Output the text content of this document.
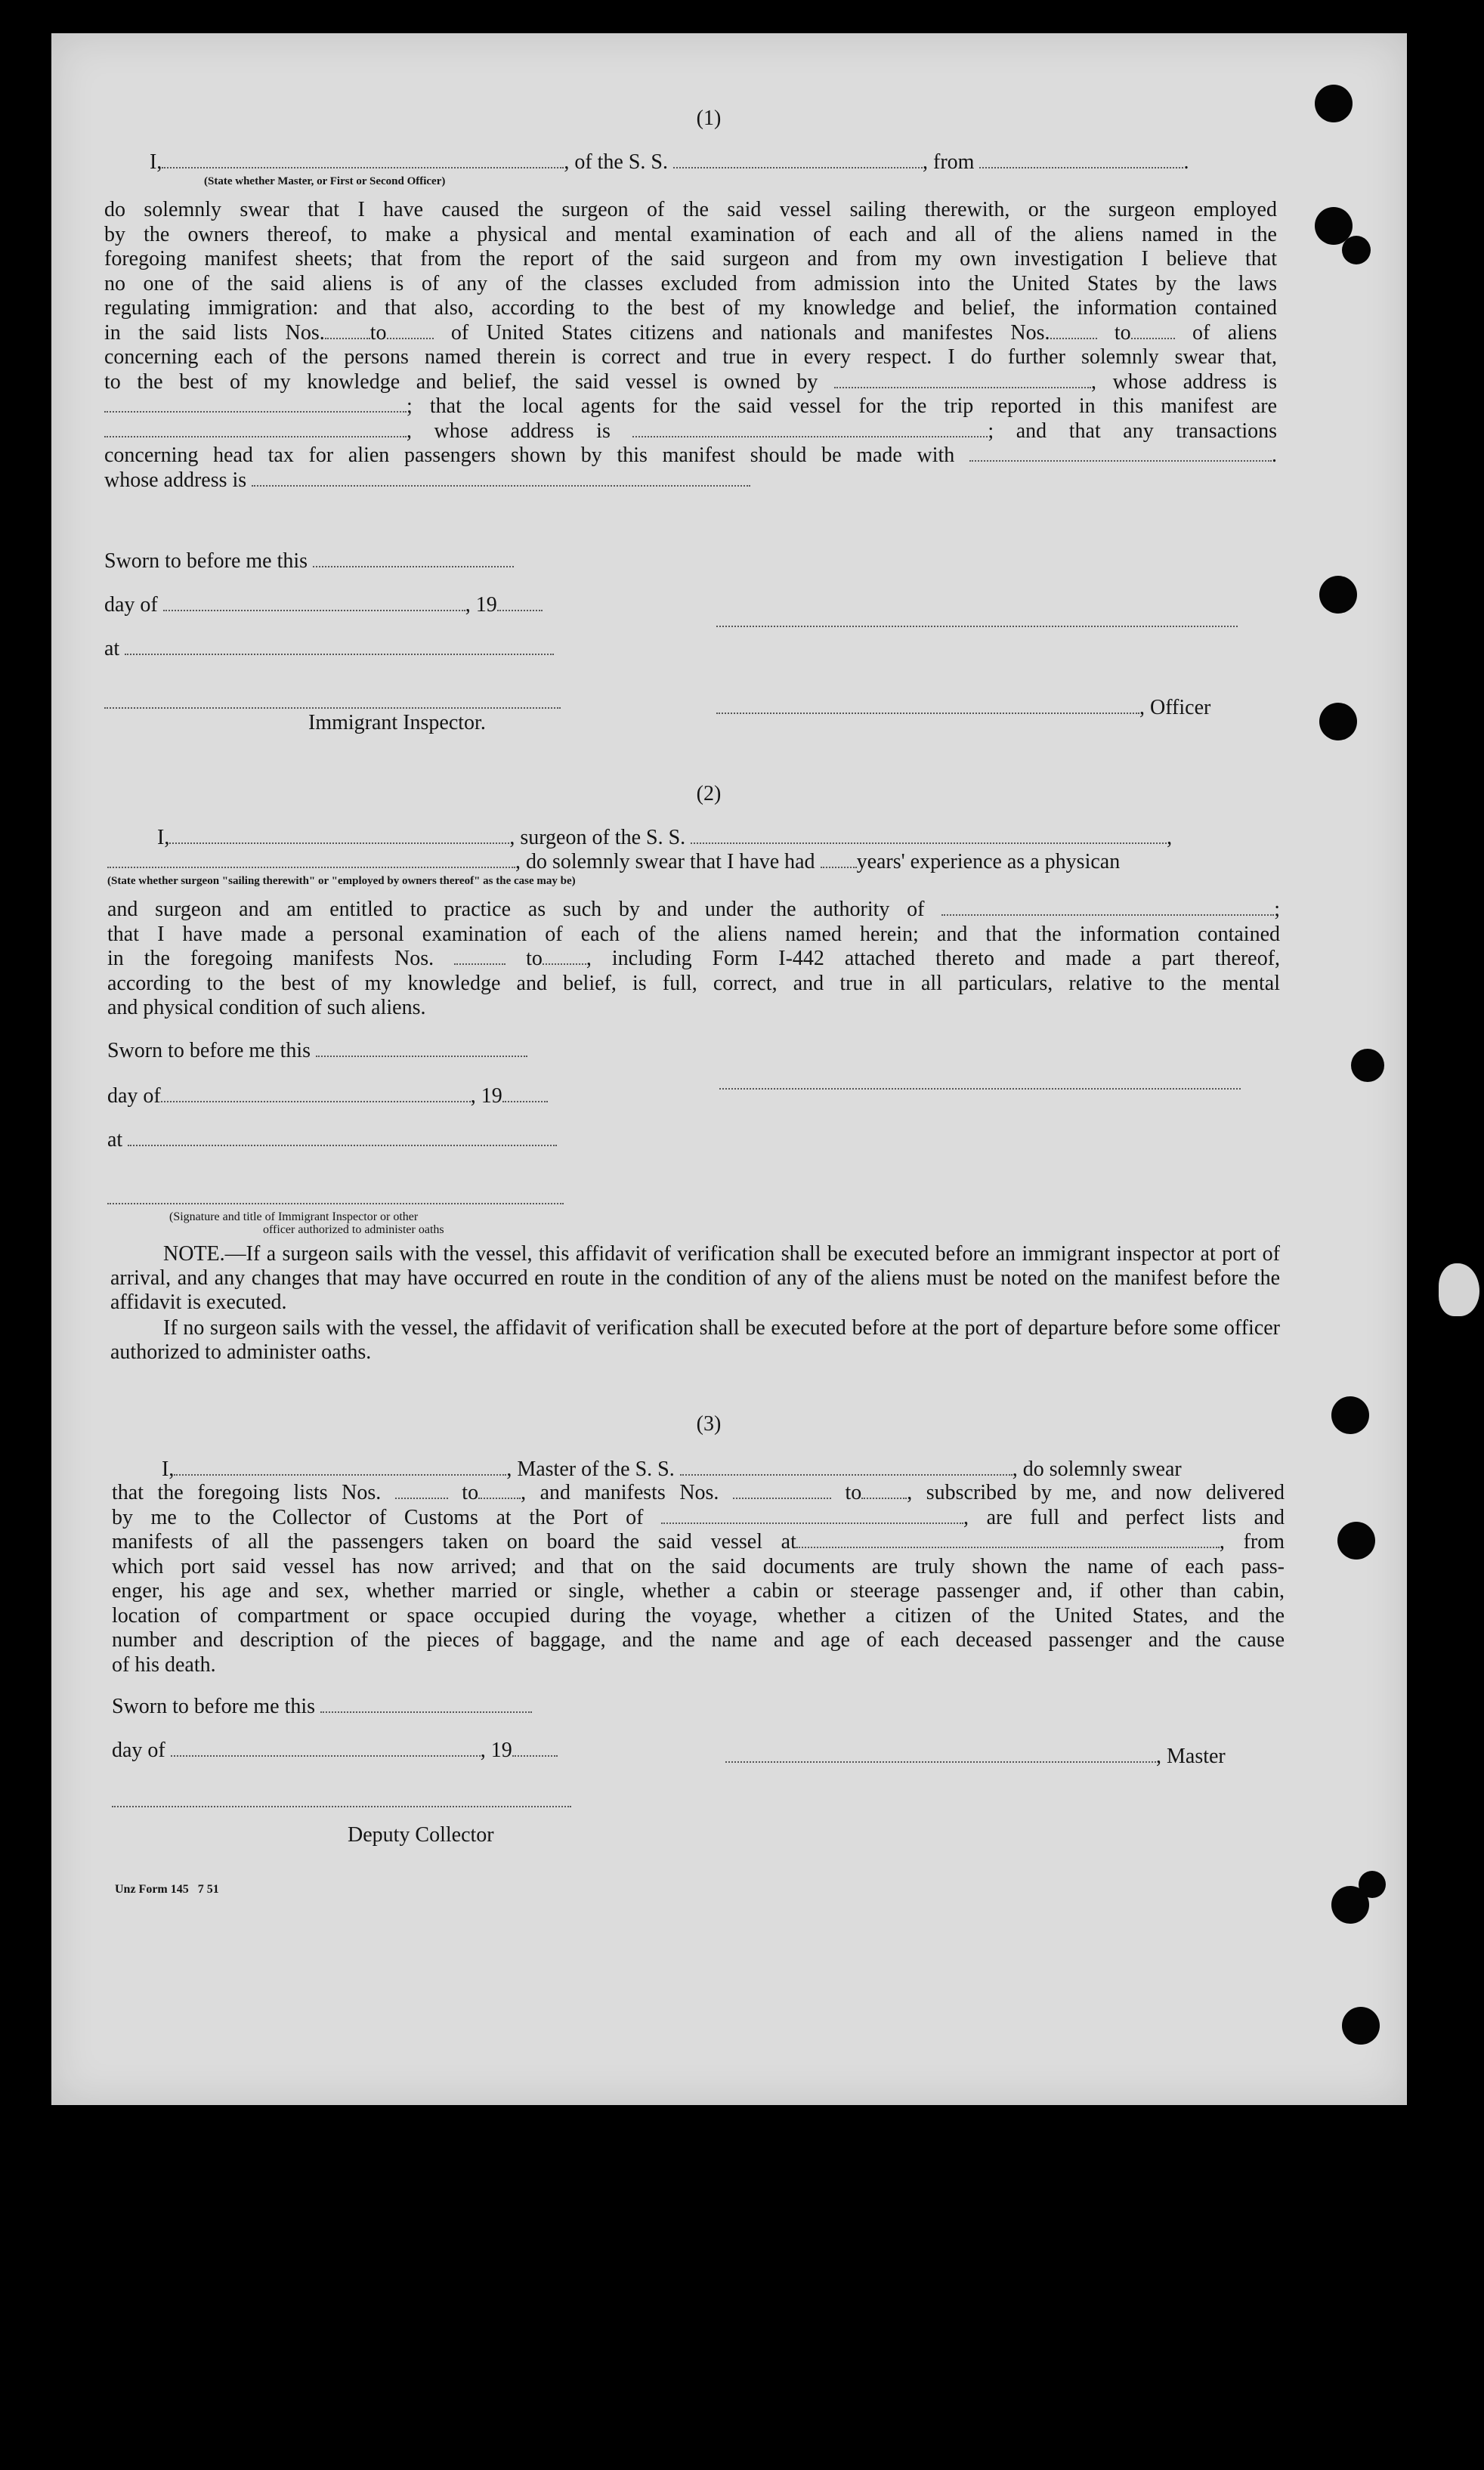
(1)
I,	, of the S. S.	, from	.
(State whether Master, or First or Second Officer)
do solemnly swear that I have caused the surgeon of the said vessel sailing therewith, or the surgeon employed
by the owners thereof, to make a physical and mental examination of each and all of the aliens named in the
foregoing manifest sheets; that from the report of the said surgeon and from my own investigation I believe that
no one of the said aliens is of any of the classes excluded from admission into the United States by the laws
regulating immigration: and that also, according to the best of my knowledge and belief, the information contained
in the said lists Nos. to	of United States citizens and nationals and manifestes Nos.	to	of aliens
concerning each of the persons named therein is correct and true in every respect. I do further solemnly swear that,
to the best of my knowledge and belief, the said vessel is owned by	, whose address is
; that the local agents for the said vessel for the trip reported in this manifest are
, whose address is	; and that any transactions
concerning head tax for alien passengers shown by this manifest should be made with	.
whose address is
Sworn to before me this
day of	, 19
at
, Officer
Immigrant Inspector.
(2)
I,	, surgeon of the S. S.	,
, do solemnly swear that I have had years' experience as a physican
(State whether surgeon "sailing therewith" or "employed by owners thereof" as the case may be)
and surgeon and am entitled to practice as such by and under the authority of	;
that I have made a personal examination of each of the aliens named herein; and that the information contained
in the foregoing manifests Nos.	to , including Form I-442 attached thereto and made a part thereof,
according to the best of my knowledge and belief, is full, correct, and true in all particulars, relative to the mental
and physical condition of such aliens.
Sworn to before me this
day of	, 19
at
(Signature and title of Immigrant Inspector or other
officer authorized to administer oaths
NOTE.—If a surgeon sails with the vessel, this affidavit of verification shall be executed before an immigrant inspector at port of arrival, and any changes that may have occurred en route in the condition of any of the aliens must be noted on the manifest before the affidavit is executed.
If no surgeon sails with the vessel, the affidavit of verification shall be executed before at the port of departure before some officer authorized to administer oaths.
(3)
I,	, Master of the S. S.	, do solemnly swear
that the foregoing lists Nos.	to , and manifests Nos.	to , subscribed by me, and now delivered
by me to the Collector of Customs at the Port of	, are full and perfect lists and
manifests of all the passengers taken on board the said vessel at	, from
which port said vessel has now arrived; and that on the said documents are truly shown the name of each pass-
enger, his age and sex, whether married or single, whether a cabin or steerage passenger and, if other than cabin,
location of compartment or space occupied during the voyage, whether a citizen of the United States, and the
number and description of the pieces of baggage, and the name and age of each deceased passenger and the cause
of his death.
Sworn to before me this
day of	, 19	, Master
Deputy Collector
Unz Form 145   7 51
